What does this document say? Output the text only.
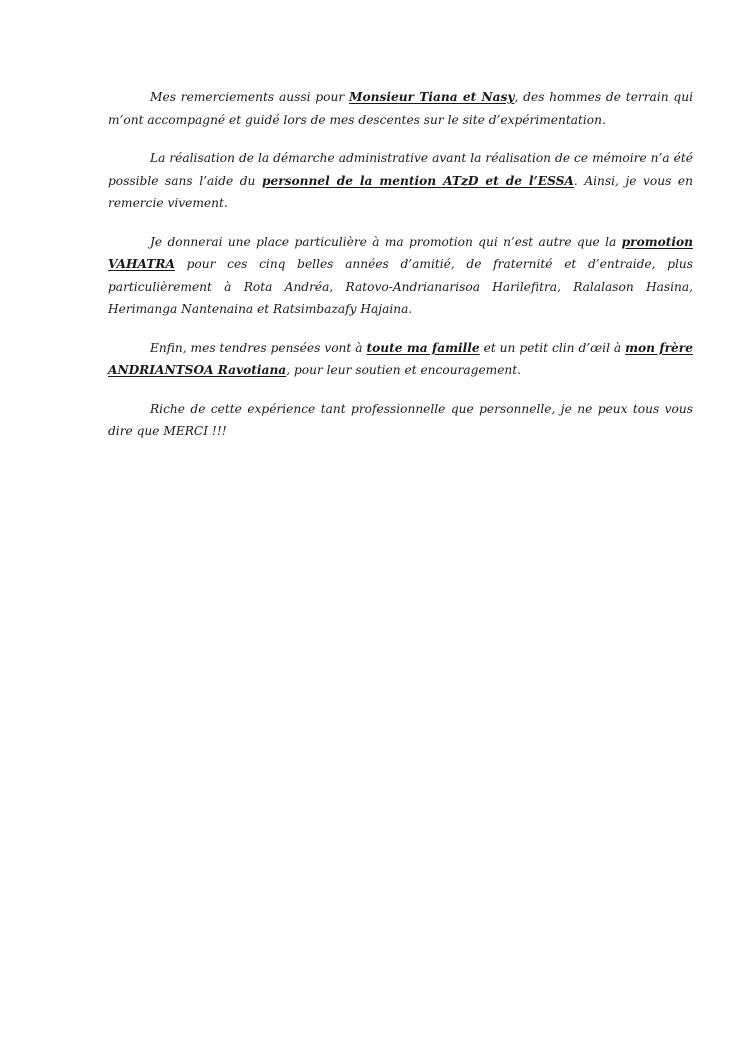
Mes remerciements aussi pour Monsieur Tiana et Nasy, des hommes de terrain qui m’ont accompagné et guidé lors de mes descentes sur le site d’expérimentation.

La réalisation de la démarche administrative avant la réalisation de ce mémoire n’a été possible sans l’aide du personnel de la mention ATzD et de l’ESSA. Ainsi, je vous en remercie vivement.

Je donnerai une place particulière à ma promotion qui n’est autre que la promotion VAHATRA pour ces cinq belles années d’amitié, de fraternité et d’entraide, plus particulièrement à Rota Andréa, Ratovo-Andrianarisoa Harilefitra, Ralalason Hasina, Herimanga Nantenaina et Ratsimbazafy Hajaina.

Enfin, mes tendres pensées vont à toute ma famille et un petit clin d’œil à mon frère ANDRIANTSOA Ravotiana, pour leur soutien et encouragement.

Riche de cette expérience tant professionnelle que personnelle, je ne peux tous vous dire que MERCI !!!
